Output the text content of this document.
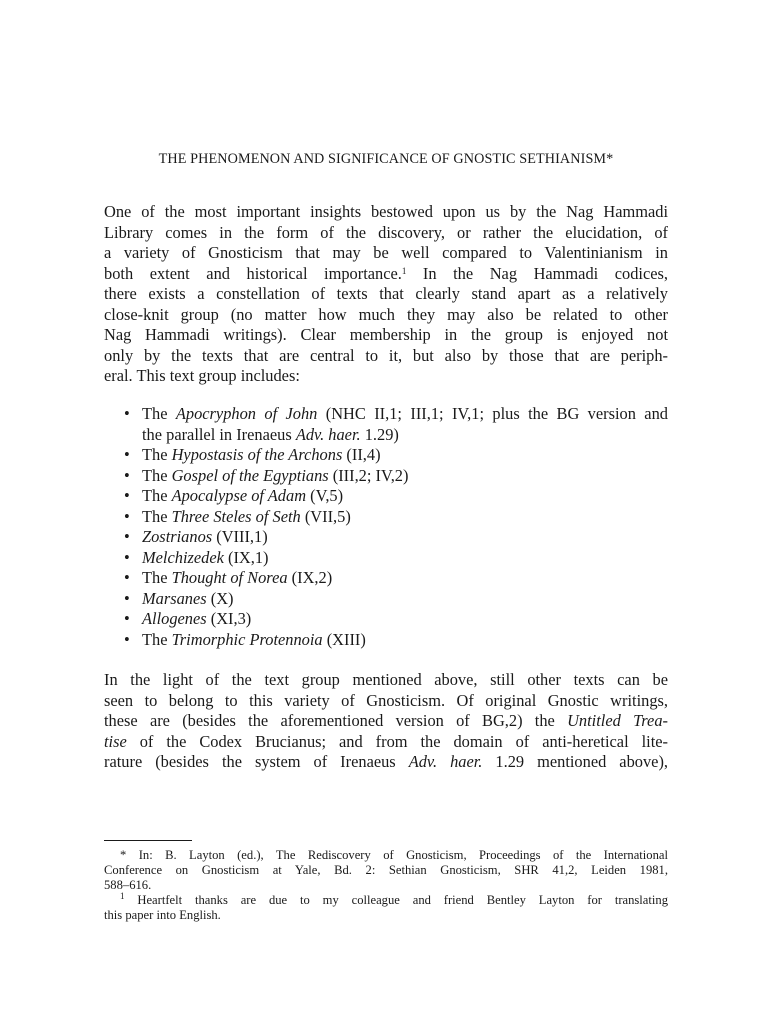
THE PHENOMENON AND SIGNIFICANCE OF GNOSTIC SETHIANISM*

One of the most important insights bestowed upon us by the Nag Hammadi
Library comes in the form of the discovery, or rather the elucidation, of
a variety of Gnosticism that may be well compared to Valentinianism in
both extent and historical importance.$^1$ In the Nag Hammadi codices,
there exists a constellation of texts that clearly stand apart as a relatively
close-knit group (no matter how much they may also be related to other
Nag Hammadi writings). Clear membership in the group is enjoyed not
only by the texts that are central to it, but also by those that are periph-
eral. This text group includes:

• The Apocryphon of John (NHC II,1; III,1; IV,1; plus the BG version and
the parallel in Irenaeus Adv. haer. 1.29)
• The Hypostasis of the Archons (II,4)
• The Gospel of the Egyptians (III,2; IV,2)
• The Apocalypse of Adam (V,5)
• The Three Steles of Seth (VII,5)
• Zostrianos (VIII,1)
• Melchizedek (IX,1)
• The Thought of Norea (IX,2)
• Marsanes (X)
• Allogenes (XI,3)
• The Trimorphic Protennoia (XIII)

In the light of the text group mentioned above, still other texts can be
seen to belong to this variety of Gnosticism. Of original Gnostic writings,
these are (besides the aforementioned version of BG,2) the Untitled Trea-
tise of the Codex Brucianus; and from the domain of anti-heretical lite-
rature (besides the system of Irenaeus Adv. haer. 1.29 mentioned above),

* In: B. Layton (ed.), The Rediscovery of Gnosticism, Proceedings of the International
Conference on Gnosticism at Yale, Bd. 2: Sethian Gnosticism, SHR 41,2, Leiden 1981,
588–616.

$^1$ Heartfelt thanks are due to my colleague and friend Bentley Layton for translating
this paper into English.
